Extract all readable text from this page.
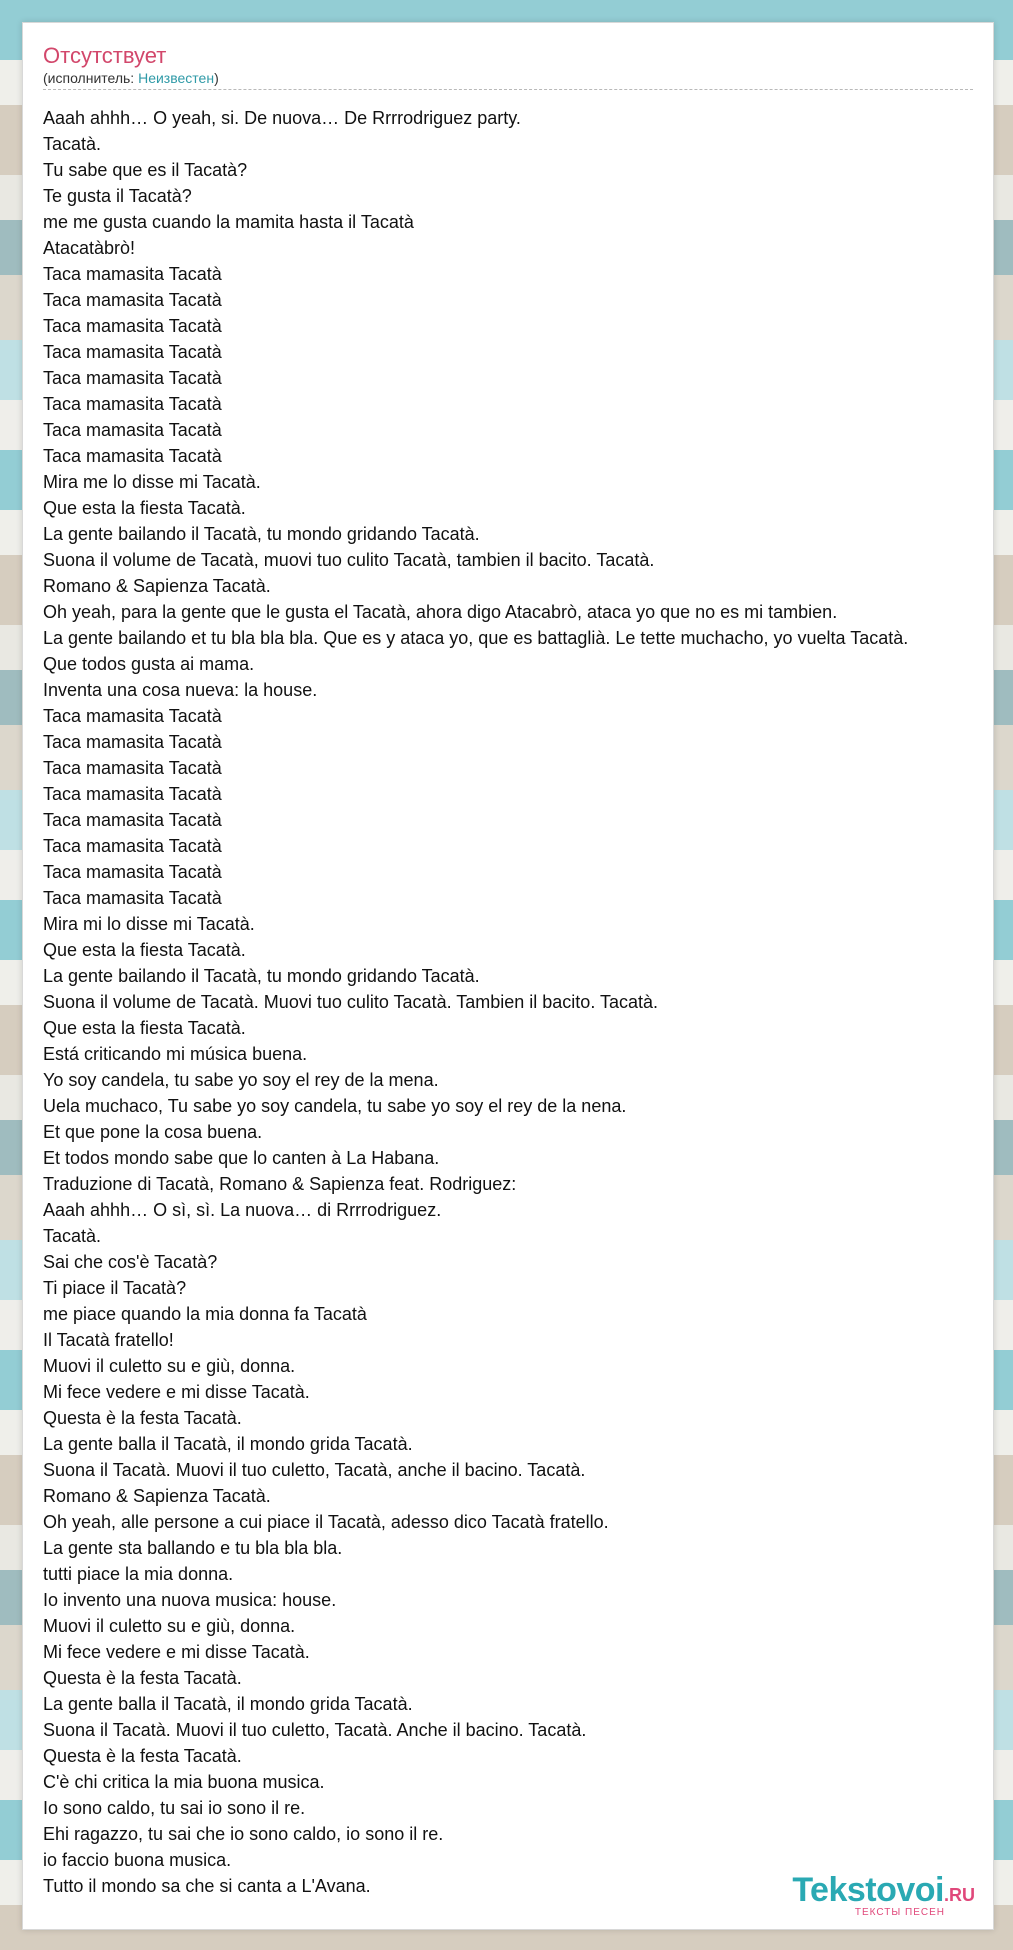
Отсутствует
(исполнитель: Неизвестен)
Aaah ahhh… O yeah, si. De nuova… De Rrrrodriguez party.
Tacatà.
Tu sabe que es il Tacatà?
Te gusta il Tacatà?
me me gusta cuando la mamita hasta il Tacatà
Atacatàbrò!
Taca mamasita Tacatà
Taca mamasita Tacatà
Taca mamasita Tacatà
Taca mamasita Tacatà
Taca mamasita Tacatà
Taca mamasita Tacatà
Taca mamasita Tacatà
Taca mamasita Tacatà
Mira me lo disse mi Tacatà.
Que esta la fiesta Tacatà.
La gente bailando il Tacatà, tu mondo gridando Tacatà.
Suona il volume de Tacatà, muovi tuo culito Tacatà, tambien il bacito. Tacatà.
Romano & Sapienza Tacatà.
Oh yeah, para la gente que le gusta el Tacatà, ahora digo Atacabrò, ataca yo que no es mi tambien.
La gente bailando et tu bla bla bla. Que es y ataca yo, que es battaglià. Le tette muchacho, yo vuelta Tacatà.
Que todos gusta ai mama.
Inventa una cosa nueva: la house.
Taca mamasita Tacatà
Taca mamasita Tacatà
Taca mamasita Tacatà
Taca mamasita Tacatà
Taca mamasita Tacatà
Taca mamasita Tacatà
Taca mamasita Tacatà
Taca mamasita Tacatà
Mira mi lo disse mi Tacatà.
Que esta la fiesta Tacatà.
La gente bailando il Tacatà, tu mondo gridando Tacatà.
Suona il volume de Tacatà. Muovi tuo culito Tacatà. Tambien il bacito. Tacatà.
Que esta la fiesta Tacatà.
Está criticando mi música buena.
Yo soy candela, tu sabe yo soy el rey de la mena.
Uela muchaco, Tu sabe yo soy candela, tu sabe yo soy el rey de la nena.
Et que pone la cosa buena.
Et todos mondo sabe que lo canten à La Habana.
Traduzione di Tacatà, Romano & Sapienza feat. Rodriguez:
Aaah ahhh… O sì, sì. La nuova… di Rrrrodriguez.
Tacatà.
Sai che cos'è Tacatà?
Ti piace il Tacatà?
me piace quando la mia donna fa Tacatà
Il Tacatà fratello!
Muovi il culetto su e giù, donna.
Mi fece vedere e mi disse Tacatà.
Questa è la festa Tacatà.
La gente balla il Tacatà, il mondo grida Tacatà.
Suona il Tacatà. Muovi il tuo culetto, Tacatà, anche il bacino. Tacatà.
Romano & Sapienza Tacatà.
Oh yeah, alle persone a cui piace il Tacatà, adesso dico Tacatà fratello.
La gente sta ballando e tu bla bla bla.
tutti piace la mia donna.
Io invento una nuova musica: house.
Muovi il culetto su e giù, donna.
Mi fece vedere e mi disse Tacatà.
Questa è la festa Tacatà.
La gente balla il Tacatà, il mondo grida Tacatà.
Suona il Tacatà. Muovi il tuo culetto, Tacatà. Anche il bacino. Tacatà.
Questa è la festa Tacatà.
C'è chi critica la mia buona musica.
Io sono caldo, tu sai io sono il re.
Ehi ragazzo, tu sai che io sono caldo, io sono il re.
io faccio buona musica.
Tutto il mondo sa che si canta a L'Avana.	Tekstovoi.RU
ТЕКСТЫ ПЕСЕН
